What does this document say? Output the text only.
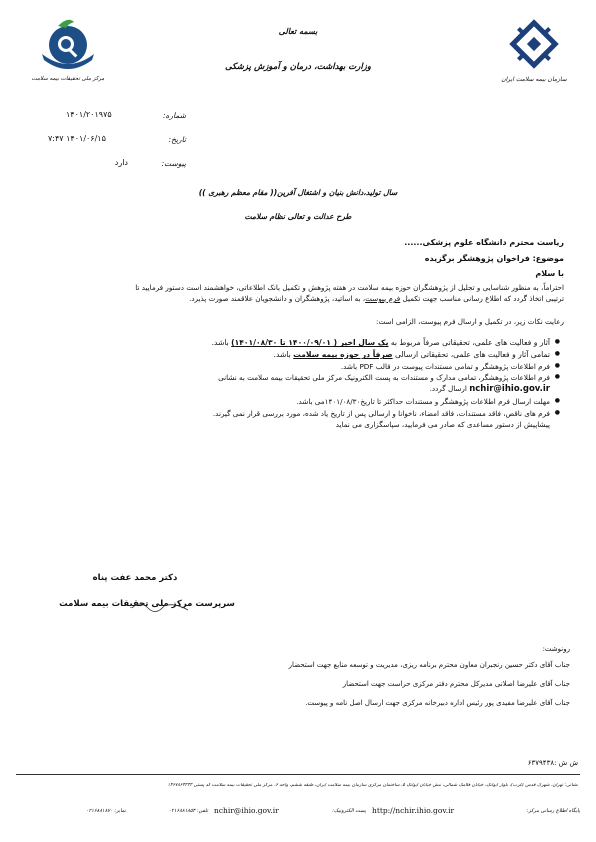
مرکز ملی تحقیقات بیمه سلامت
بسمه تعالی
وزارت بهداشت، درمان و آموزش پزشکی
سازمان بیمه سلامت ایران
شماره:
۱۴۰۱/۲۰۱۹۷۵
تاریخ:
۷:۴۷ ۱۴۰۱/۰۶/۱۵
پیوست:
دارد
سال تولید،دانش بنیان و اشتغال آفرین(( مقام معظم رهبری ))
طرح عدالت و تعالی نظام سلامت
ریاست محترم دانشگاه علوم پزشکی......
موضوع: فراخوان پژوهشگر برگزیده
با سلام
احتراماً، به منظور شناسایی و تجلیل از پژوهشگران حوزه بیمه سلامت در هفته پژوهش و تکمیل بانک اطلاعاتی، خواهشمند است دستور فرمایید تا
ترتیبی اتخاذ گردد که اطلاع رسانی مناسب جهت تکمیل فرم پیوست، به اساتید، پژوهشگران و دانشجویان علاقمند صورت پذیرد.
رعایت نکات زیر، در تکمیل و ارسال فرم پیوست، الزامی است:
● آثار و فعالیت های علمی، تحقیقاتی صرفاً مربوط به یک سال اخیر ( ۱۴۰۰/۰۹/۰۱ تا ۱۴۰۱/۰۸/۳۰) باشد.
● تمامی آثار و فعالیت های علمی، تحقیقاتی ارسالی صرفاً در حوزه بیمه سلامت باشد.
● فرم اطلاعات پژوهشگر و تمامی مستندات پیوست در قالب PDF باشد.
● فرم اطلاعات پژوهشگر، تمامی مدارک و مستندات به پست الکترونیک مرکز ملی تحقیقات بیمه سلامت به نشانی
nchir@ihio.gov.ir ارسال گردد.
● مهلت ارسال فرم اطلاعات پژوهشگر و مستندات حداکثر تا تاریخ۱۴۰۱/۰۸/۳۰می باشد.
● فرم های ناقص، فاقد مستندات، فاقد امضاء، ناخوانا و ارسالی پس از تاریخ یاد شده، مورد بررسی قرار نمی گیرند.
پیشاپیش از دستور مساعدی که صادر می فرمایید، سپاسگزاری می نماید
دکتر محمد عفت پناه
سرپرست مرکز ملی تحقیقات بیمه سلامت
رونوشت:
جناب آقای دکتر حسین رنجبران معاون محترم برنامه ریزی، مدیریت و توسعه منابع جهت استحضار
جناب آقای علیرضا اصلانی مدیرکل محترم دفتر مرکزی حراست جهت استحضار
جناب آقای علیرضا مفیدی پور رئیس اداره دبیرخانه مرکزی جهت ارسال اصل نامه و پیوست.
ش ش :۶۳۷۹۴۳۸
نشانی: تهران، شهرک قدس (غرب)، بلوار ایوانک، خیابان فلامک شمالی، نبش خیابان ایوانک ۵، ساختمان مرکزی سازمان بیمه سلامت ایران، طبقه ششم، واحد ۶، مرکز ملی تحقیقات بیمه سلامت کد پستی ۱۴۶۷۸۶۴۳۳۳
پایگاه اطلاع رسانی مرکز:
http://nchir.ihio.gov.ir
پست الکترونیک:
nchir@ihio.gov.ir
تلفن: ۰۲۱۶۸۸۱۸۵۴
نمابر: ۰۲۱۶۸۸۱۸۷۰
